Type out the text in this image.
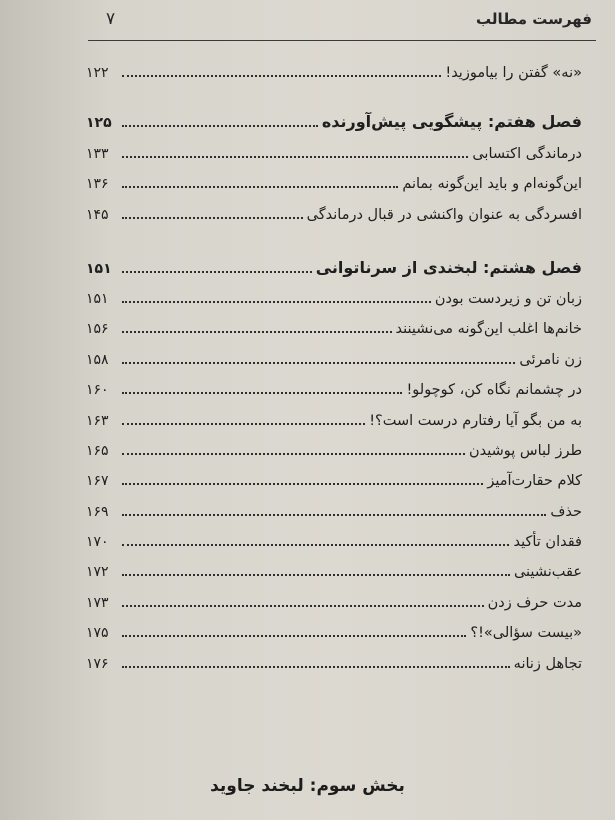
فهرست مطالب
۷
«نه» گفتن را بیاموزید!
۱۲۲
فصل هفتم: پیشگویی پیش‌آورنده
۱۲۵
درماندگی اکتسابی
۱۳۳
این‌گونه‌ام و باید این‌گونه بمانم
۱۳۶
افسردگی به عنوان واکنشی در قبال درماندگی
۱۴۵
فصل هشتم: لبخندی از سرناتوانی
۱۵۱
زبان تن و زیردست بودن
۱۵۱
خانم‌ها اغلب این‌گونه می‌نشینند
۱۵۶
زن نامرئی
۱۵۸
در چشمانم نگاه کن، کوچولو!
۱۶۰
به من بگو آیا رفتارم درست است؟!
۱۶۳
طرز لباس پوشیدن
۱۶۵
کلام حقارت‌آمیز
۱۶۷
حذف
۱۶۹
فقدان تأکید
۱۷۰
عقب‌نشینی
۱۷۲
مدت حرف زدن
۱۷۳
«بیست سؤالی»!؟
۱۷۵
تجاهل زنانه
۱۷۶
بخش سوم: لبخند جاوید
